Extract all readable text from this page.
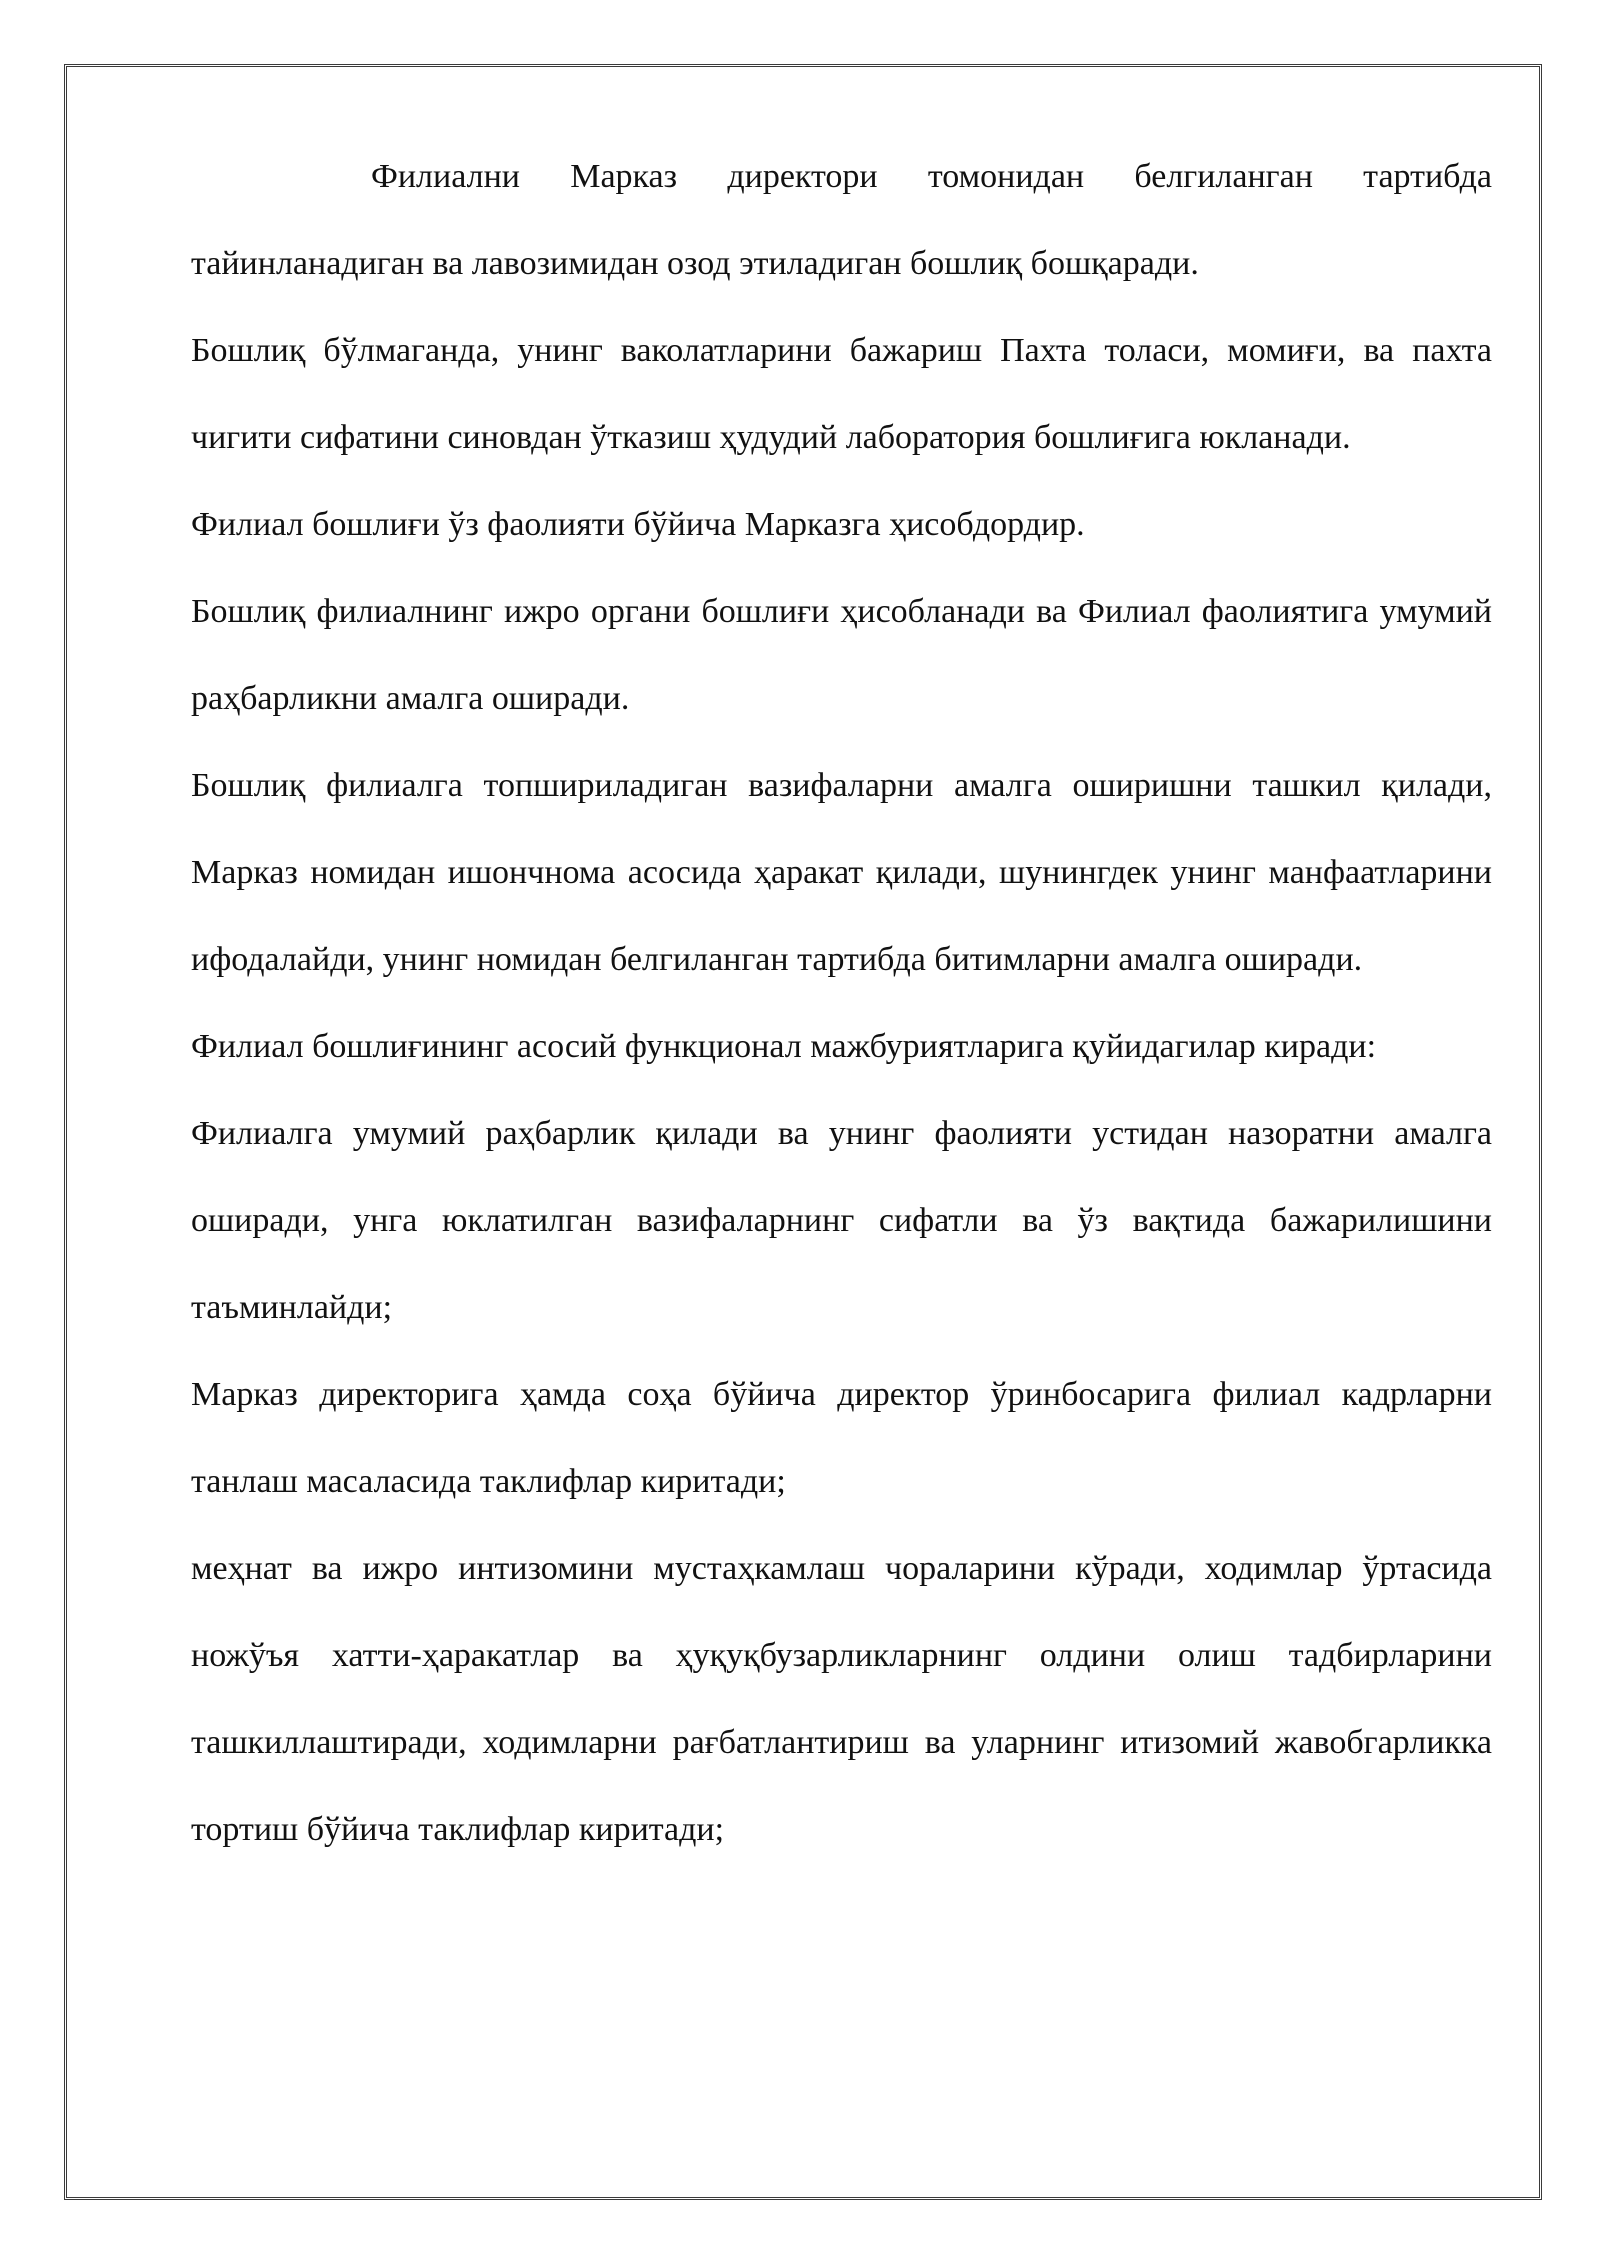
Филиални Марказ директори томонидан белгиланган тартибда тайинланадиган ва лавозимидан озод этиладиган бошлиқ бошқаради.

Бошлиқ бўлмаганда, унинг ваколатларини бажариш Пахта толаси, момиғи, ва пахта чигити сифатини синовдан ўтказиш ҳудудий лаборатория бошлиғига юкланади.

Филиал бошлиғи ўз фаолияти бўйича Марказга ҳисобдордир.

Бошлиқ филиалнинг ижро органи бошлиғи ҳисобланади ва Филиал фаолиятига умумий раҳбарликни амалга оширади.

Бошлиқ филиалга топшириладиган вазифаларни амалга оширишни ташкил қилади, Марказ номидан ишончнома асосида ҳаракат қилади, шунингдек унинг манфаатларини ифодалайди, унинг номидан белгиланган тартибда битимларни амалга оширади.

Филиал бошлиғининг асосий функционал мажбуриятларига қуйидагилар киради:

Филиалга умумий раҳбарлик қилади ва унинг фаолияти устидан назоратни амалга оширади, унга юклатилган вазифаларнинг сифатли ва ўз вақтида бажарилишини таъминлайди;

Марказ директорига ҳамда соҳа бўйича директор ўринбосарига филиал кадрларни танлаш масаласида таклифлар киритади;

меҳнат ва ижро интизомини мустаҳкамлаш чораларини кўради, ходимлар ўртасида ножўъя хатти-ҳаракатлар ва ҳуқуқбузарликларнинг олдини олиш тадбирларини ташкиллаштиради, ходимларни рағбатлантириш ва уларнинг итизомий жавобгарликка тортиш бўйича таклифлар киритади;
